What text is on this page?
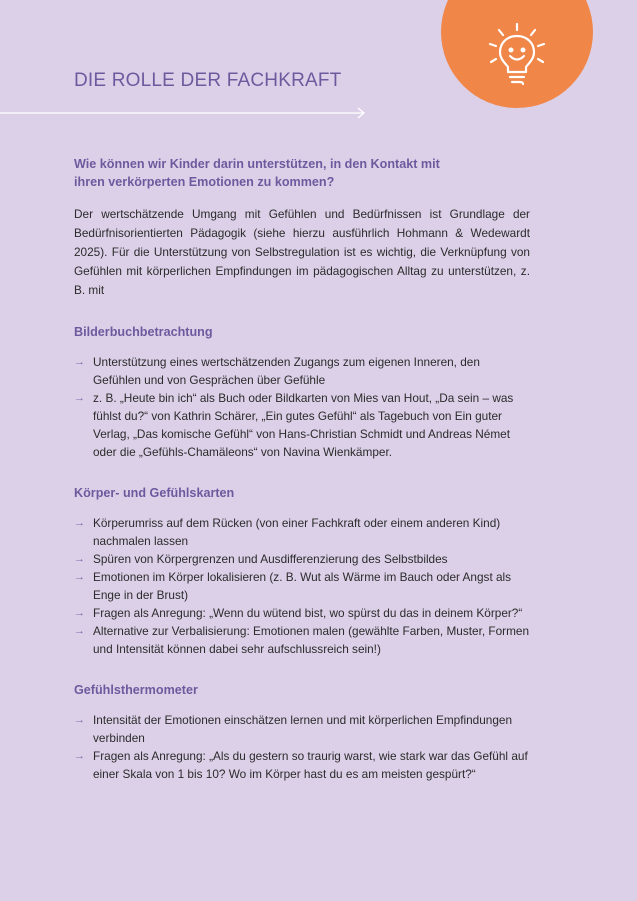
DIE ROLLE DER FACHKRAFT
Wie können wir Kinder darin unterstützen, in den Kontakt mit ihren verkörperten Emotionen zu kommen?

Der wertschätzende Umgang mit Gefühlen und Bedürfnissen ist Grundlage der Bedürfnisorientierten Pädagogik (siehe hierzu ausführlich Hohmann & Wedewardt 2025). Für die Unterstützung von Selbstregulation ist es wichtig, die Verknüpfung von Gefühlen mit körperlichen Empfindungen im pädagogischen Alltag zu unterstützen, z. B. mit

Bilderbuchbetrachtung
→ Unterstützung eines wertschätzenden Zugangs zum eigenen Inneren, den Gefühlen und von Gesprächen über Gefühle
→ z. B. „Heute bin ich“ als Buch oder Bildkarten von Mies van Hout, „Da sein – was fühlst du?“ von Kathrin Schärer, „Ein gutes Gefühl“ als Tagebuch von Ein guter Verlag, „Das komische Gefühl“ von Hans-Christian Schmidt und Andreas Német oder die „Gefühls-Chamäleons“ von Navina Wienkämper.
Körper- und Gefühlskarten
→ Körperumriss auf dem Rücken (von einer Fachkraft oder einem anderen Kind) nachmalen lassen
→ Spüren von Körpergrenzen und Ausdifferenzierung des Selbstbildes
→ Emotionen im Körper lokalisieren (z. B. Wut als Wärme im Bauch oder Angst als Enge in der Brust)
→ Fragen als Anregung: „Wenn du wütend bist, wo spürst du das in deinem Körper?“
→ Alternative zur Verbalisierung: Emotionen malen (gewählte Farben, Muster, Formen und Intensität können dabei sehr aufschlussreich sein!)
Gefühlsthermometer
→ Intensität der Emotionen einschätzen lernen und mit körperlichen Empfindungen verbinden
→ Fragen als Anregung: „Als du gestern so traurig warst, wie stark war das Gefühl auf einer Skala von 1 bis 10? Wo im Körper hast du es am meisten gespürt?“
